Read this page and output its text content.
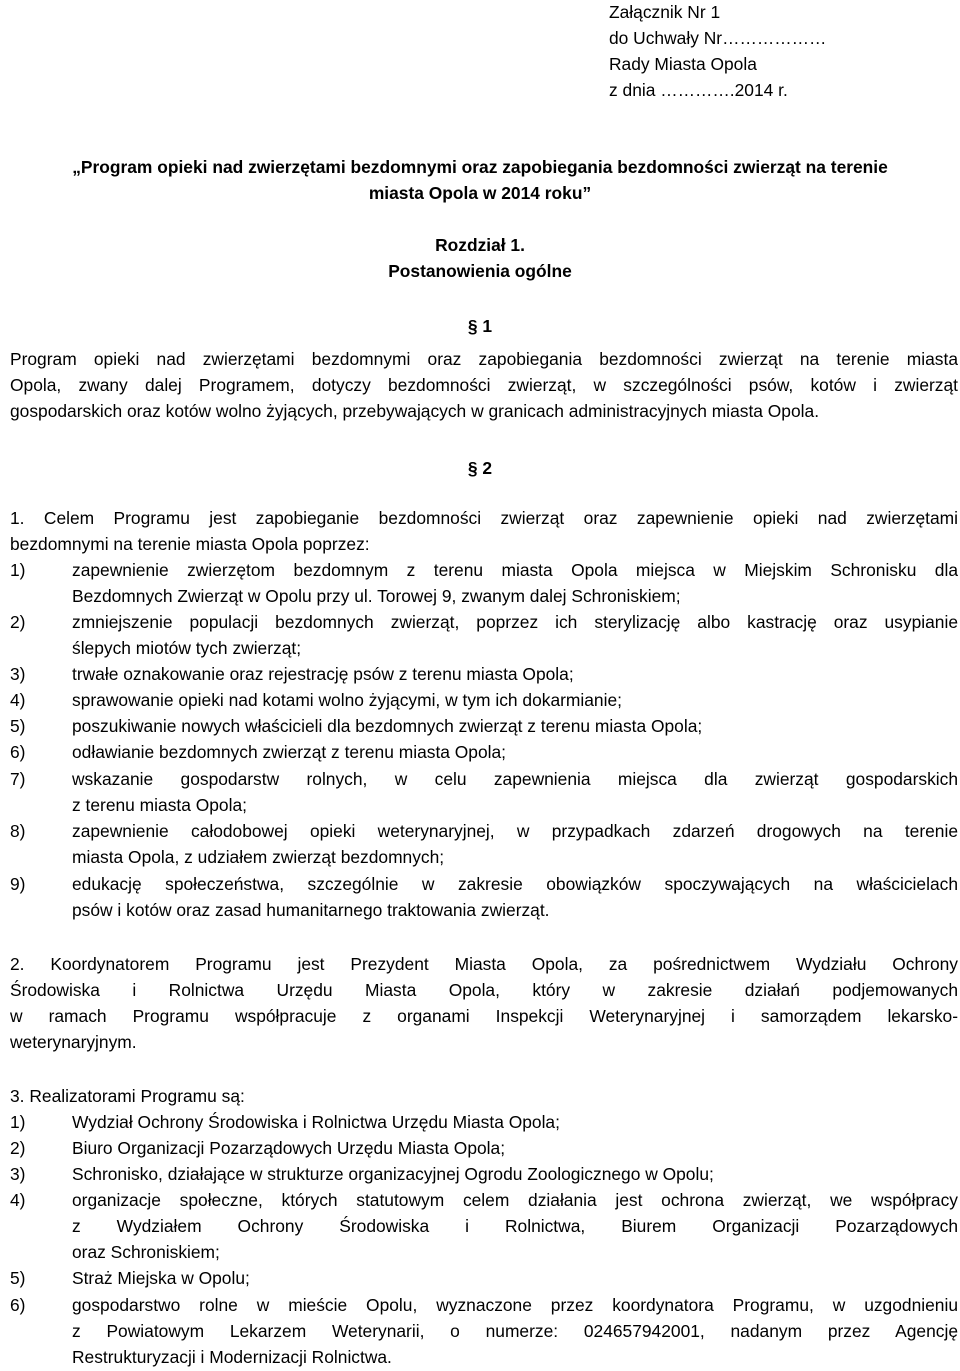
Załącznik Nr 1
do Uchwały Nr………………
Rady Miasta Opola
z dnia ………….2014 r.
„Program opieki nad zwierzętami bezdomnymi oraz zapobiegania bezdomności zwierząt na terenie
miasta Opola w 2014 roku”
Rozdział 1.
Postanowienia ogólne
§ 1
Program opieki nad zwierzętami bezdomnymi oraz zapobiegania bezdomności zwierząt na terenie miasta
Opola, zwany dalej Programem, dotyczy bezdomności zwierząt, w szczególności psów, kotów i zwierząt
gospodarskich oraz kotów wolno żyjących, przebywających w granicach administracyjnych miasta Opola.
§ 2
1. Celem Programu jest zapobieganie bezdomności zwierząt oraz zapewnienie opieki nad zwierzętami
bezdomnymi na terenie miasta Opola poprzez:
1)	zapewnienie zwierzętom bezdomnym z terenu miasta Opola miejsca w Miejskim Schronisku dla
Bezdomnych Zwierząt w Opolu przy ul. Torowej 9, zwanym dalej Schroniskiem;
2)	zmniejszenie populacji bezdomnych zwierząt, poprzez ich sterylizację albo kastrację oraz usypianie
ślepych miotów tych zwierząt;
3)	trwałe oznakowanie oraz rejestrację psów z terenu miasta Opola;
4)	sprawowanie opieki nad kotami wolno żyjącymi, w tym ich dokarmianie;
5)	poszukiwanie nowych właścicieli dla bezdomnych zwierząt z terenu miasta Opola;
6)	odławianie bezdomnych zwierząt z terenu miasta Opola;
7)	wskazanie gospodarstw rolnych, w celu zapewnienia miejsca dla zwierząt gospodarskich
z terenu miasta Opola;
8)	zapewnienie całodobowej opieki weterynaryjnej, w przypadkach zdarzeń drogowych na terenie
miasta Opola, z udziałem zwierząt bezdomnych;
9)	edukację społeczeństwa, szczególnie w zakresie obowiązków spoczywających na właścicielach
psów i kotów oraz zasad humanitarnego traktowania zwierząt.
2. Koordynatorem Programu jest Prezydent Miasta Opola, za pośrednictwem Wydziału Ochrony
Środowiska i Rolnictwa Urzędu Miasta Opola, który w zakresie działań podjemowanych
w ramach Programu współpracuje z organami Inspekcji Weterynaryjnej i samorządem lekarsko-
weterynaryjnym.
3. Realizatorami Programu są:
1)	Wydział Ochrony Środowiska i Rolnictwa Urzędu Miasta Opola;
2)	Biuro Organizacji Pozarządowych Urzędu Miasta Opola;
3)	Schronisko, działające w strukturze organizacyjnej Ogrodu Zoologicznego w Opolu;
4)	organizacje społeczne, których statutowym celem działania jest ochrona zwierząt, we współpracy
z Wydziałem Ochrony Środowiska i Rolnictwa, Biurem Organizacji Pozarządowych
oraz Schroniskiem;
5)	Straż Miejska w Opolu;
6)	gospodarstwo rolne w mieście Opolu, wyznaczone przez koordynatora Programu, w uzgodnieniu
z Powiatowym Lekarzem Weterynarii, o numerze: 024657942001, nadanym przez Agencję
Restrukturyzacji i Modernizacji Rolnictwa.
